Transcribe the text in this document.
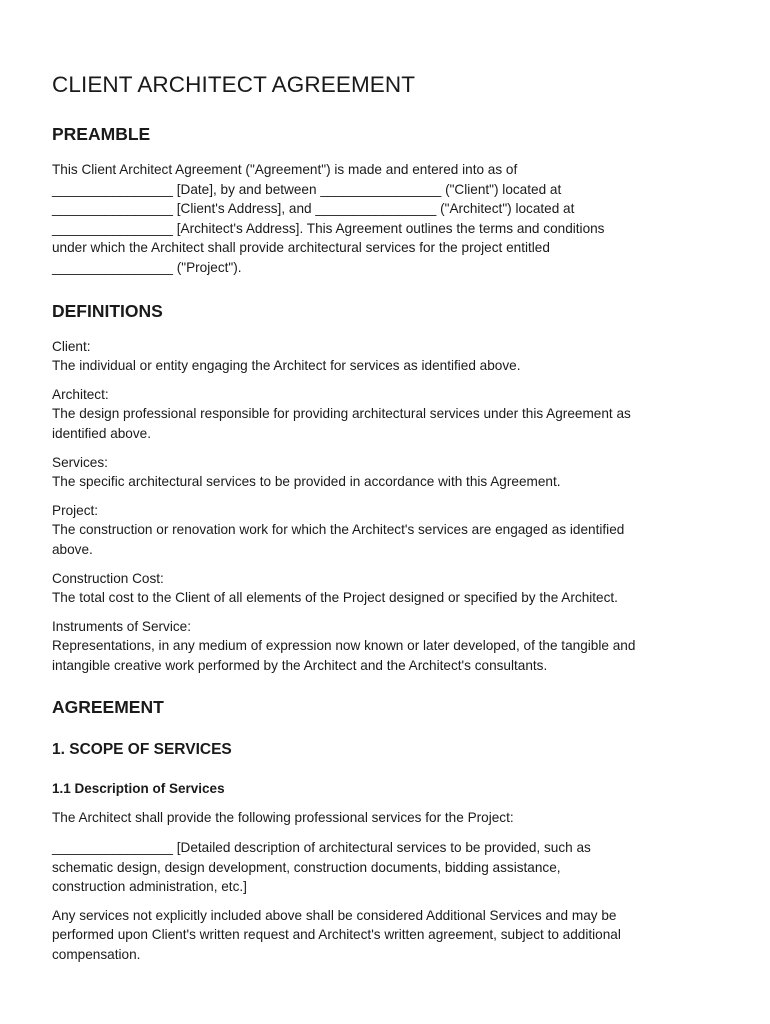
CLIENT ARCHITECT AGREEMENT
PREAMBLE

This Client Architect Agreement ("Agreement") is made and entered into as of
________________ [Date], by and between ________________ ("Client") located at
________________ [Client's Address], and ________________ ("Architect") located at
________________ [Architect's Address]. This Agreement outlines the terms and conditions
under which the Architect shall provide architectural services for the project entitled
________________ ("Project").

DEFINITIONS
Client:
The individual or entity engaging the Architect for services as identified above.
Architect:
The design professional responsible for providing architectural services under this Agreement as
identified above.
Services:
The specific architectural services to be provided in accordance with this Agreement.
Project:
The construction or renovation work for which the Architect's services are engaged as identified
above.
Construction Cost:
The total cost to the Client of all elements of the Project designed or specified by the Architect.
Instruments of Service:
Representations, in any medium of expression now known or later developed, of the tangible and
intangible creative work performed by the Architect and the Architect's consultants.
AGREEMENT
1. SCOPE OF SERVICES
1.1 Description of Services

The Architect shall provide the following professional services for the Project:

________________ [Detailed description of architectural services to be provided, such as
schematic design, design development, construction documents, bidding assistance,
construction administration, etc.]

Any services not explicitly included above shall be considered Additional Services and may be
performed upon Client's written request and Architect's written agreement, subject to additional
compensation.
